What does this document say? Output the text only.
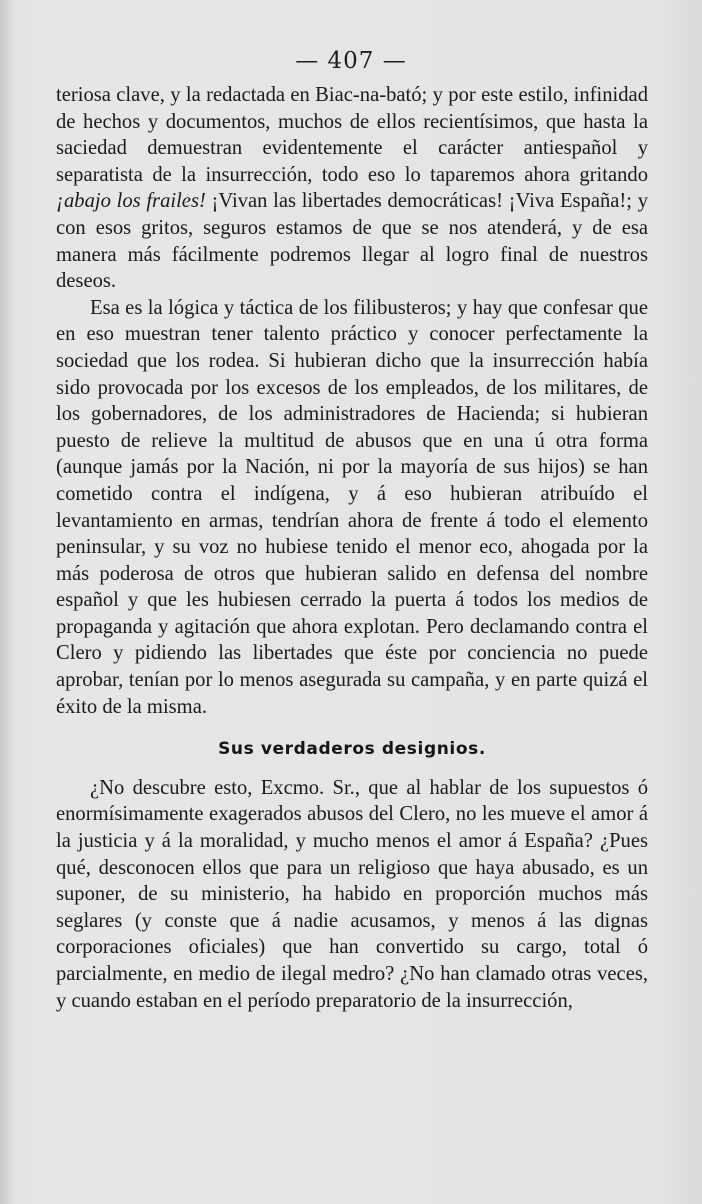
— 407 —

teriosa clave, y la redactada en Biac-na-bató; y por este estilo, infinidad de hechos y documentos, muchos de ellos recientísimos, que hasta la saciedad demuestran evidentemente el carácter antiespañol y separatista de la insurrección, todo eso lo taparemos ahora gritando ¡abajo los frailes! ¡Vivan las libertades democráticas! ¡Viva España!; y con esos gritos, seguros estamos de que se nos atenderá, y de esa manera más fácilmente podremos llegar al logro final de nuestros deseos.

Esa es la lógica y táctica de los filibusteros; y hay que confesar que en eso muestran tener talento práctico y conocer perfectamente la sociedad que los rodea. Si hubieran dicho que la insurrección había sido provocada por los excesos de los empleados, de los militares, de los gobernadores, de los administradores de Hacienda; si hubieran puesto de relieve la multitud de abusos que en una ú otra forma (aunque jamás por la Nación, ni por la mayoría de sus hijos) se han cometido contra el indígena, y á eso hubieran atribuído el levantamiento en armas, tendrían ahora de frente á todo el elemento peninsular, y su voz no hubiese tenido el menor eco, ahogada por la más poderosa de otros que hubieran salido en defensa del nombre español y que les hubiesen cerrado la puerta á todos los medios de propaganda y agitación que ahora explotan. Pero declamando contra el Clero y pidiendo las libertades que éste por conciencia no puede aprobar, tenían por lo menos asegurada su campaña, y en parte quizá el éxito de la misma.

Sus verdaderos designios.

¿No descubre esto, Excmo. Sr., que al hablar de los supuestos ó enormísimamente exagerados abusos del Clero, no les mueve el amor á la justicia y á la moralidad, y mucho menos el amor á España? ¿Pues qué, desconocen ellos que para un religioso que haya abusado, es un suponer, de su ministerio, ha habido en proporción muchos más seglares (y conste que á nadie acusamos, y menos á las dignas corporaciones oficiales) que han convertido su cargo, total ó parcialmente, en medio de ilegal medro? ¿No han clamado otras veces, y cuando estaban en el período preparatorio de la insurrección,
